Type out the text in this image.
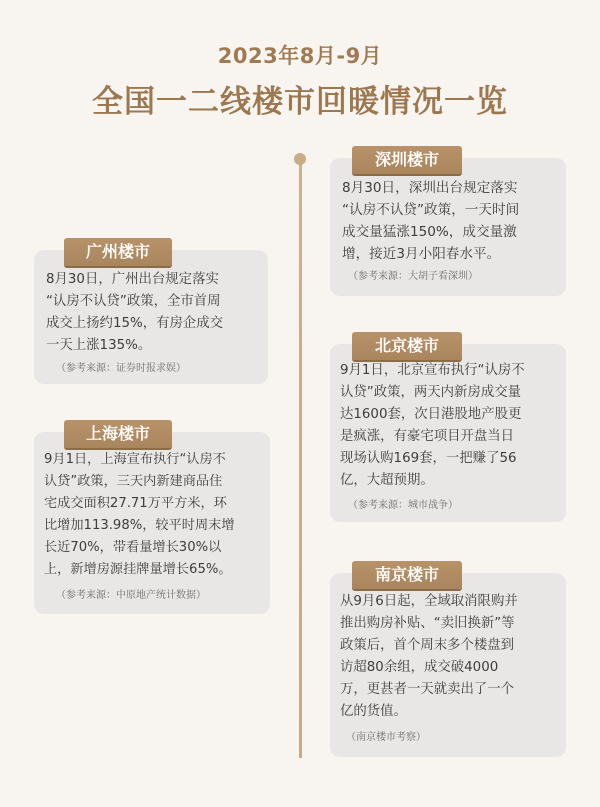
2023年8月-9月
全国一二线楼市回暖情况一览
深圳楼市
8月30日，深圳出台规定落实
“认房不认贷”政策，一天时间
成交量猛涨150%，成交量激
增，接近3月小阳春水平。
（参考来源：大胡子看深圳）
广州楼市
8月30日，广州出台规定落实
“认房不认贷”政策，全市首周
成交上扬约15%，有房企成交
一天上涨135%。
（参考来源：证券时报求娱）
北京楼市
9月1日，北京宣布执行“认房不
认贷”政策，两天内新房成交量
达1600套，次日港股地产股更
是疯涨，有豪宅项目开盘当日
现场认购169套，一把赚了56
亿，大超预期。
（参考来源：城市战争）
上海楼市
9月1日，上海宣布执行“认房不
认贷”政策，三天内新建商品住
宅成交面积27.71万平方米，环
比增加113.98%，较平时周末增
长近70%，带看量增长30%以
上，新增房源挂牌量增长65%。
（参考来源：中原地产统计数据）
南京楼市
从9月6日起，全域取消限购并
推出购房补贴、“卖旧换新”等
政策后，首个周末多个楼盘到
访超80余组，成交破4000
万，更甚者一天就卖出了一个
亿的货值。
（南京楼市考察）
